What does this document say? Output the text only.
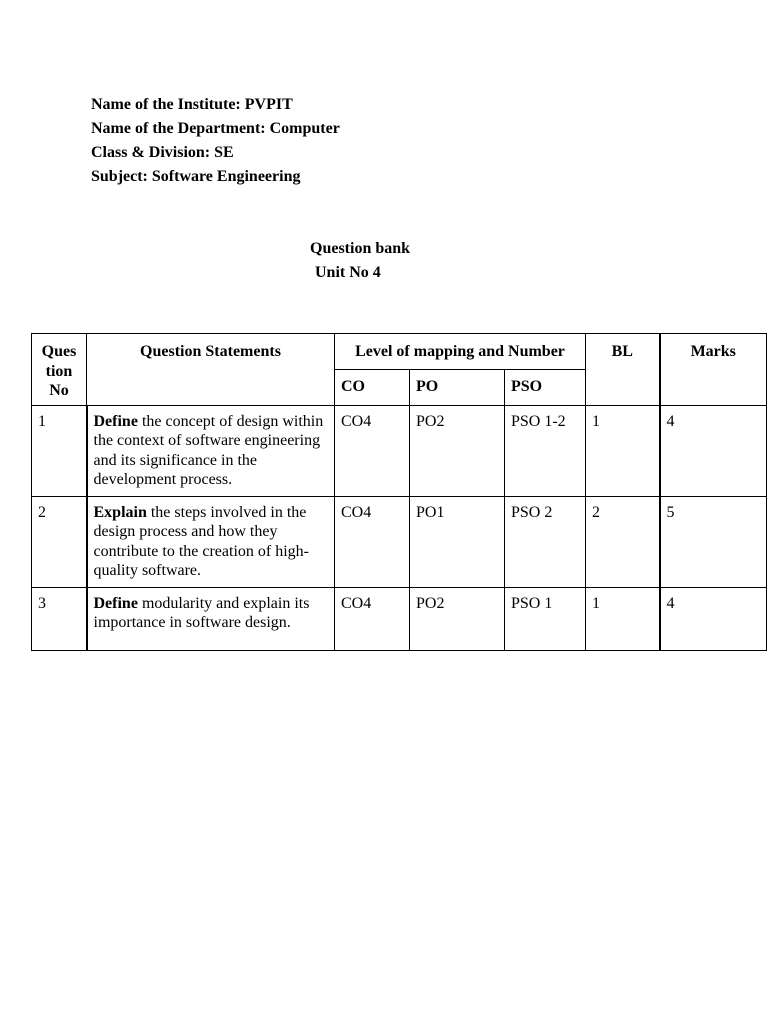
Name of the Institute: PVPIT
Name of the Department: Computer
Class & Division: SE
Subject: Software Engineering
Question bank
Unit No 4
Ques tion No	Question Statements	Level of mapping and Number			BL	Marks
		CO	PO	PSO		
1	Define the concept of design within the context of software engineering and its significance in the development process.	CO4	PO2	PSO 1-2	1	4
2	Explain the steps involved in the design process and how they contribute to the creation of high-quality software.	CO4	PO1	PSO 2	2	5
3	Define modularity and explain its importance in software design.	CO4	PO2	PSO 1	1	4
